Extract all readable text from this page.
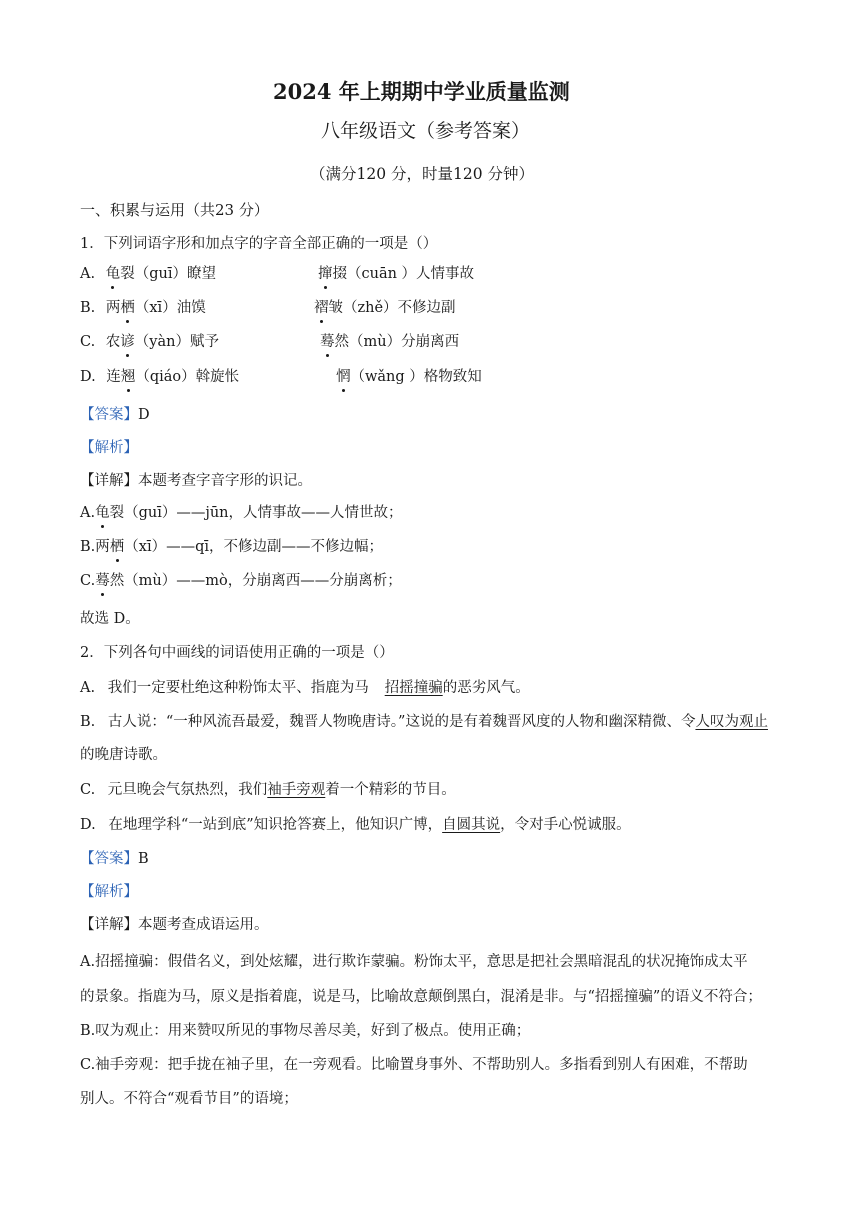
2024 年上期期中学业质量监测
八年级语文（参考答案）
（满分120 分，时量120 分钟）
一、积累与运用（共23 分）
1．下列词语字形和加点字的字音全部正确的一项是（）
A. 龟裂（guī）瞭望	撺掇（cuān ）人情事故
B. 两栖（xī）油馍	褶皱（zhě）不修边副
C. 农谚（yàn）赋予	蓦然（mù）分崩离西
D. 连翘（qiáo）斡旋怅	惘（wǎng ）格物致知
【答案】D
【解析】
【详解】本题考查字音字形的识记。
A.龟裂（guī）——jūn，人情事故——人情世故；
B.两栖（xī）——qī，不修边副——不修边幅；
C.蓦然（mù）——mò，分崩离西——分崩离析；
故选 D。
2．下列各句中画线的词语使用正确的一项是（）
A. 我们一定要杜绝这种粉饰太平、指鹿为马 招摇撞骗的恶劣风气。
B. 古人说：“一种风流吾最爱，魏晋人物晚唐诗。”这说的是有着魏晋风度的人物和幽深精微、令人叹为观止
的晚唐诗歌。
C. 元旦晚会气氛热烈，我们袖手旁观着一个精彩的节目。
D. 在地理学科“一站到底”知识抢答赛上，他知识广博，自圆其说，令对手心悦诚服。
【答案】B
【解析】
【详解】本题考查成语运用。
A.招摇撞骗：假借名义，到处炫耀，进行欺诈蒙骗。粉饰太平，意思是把社会黑暗混乱的状况掩饰成太平
的景象。指鹿为马，原义是指着鹿，说是马，比喻故意颠倒黑白，混淆是非。与“招摇撞骗”的语义不符合；
B.叹为观止：用来赞叹所见的事物尽善尽美，好到了极点。使用正确；
C.袖手旁观：把手拢在袖子里，在一旁观看。比喻置身事外、不帮助别人。多指看到别人有困难，不帮助
别人。不符合“观看节目”的语境；
